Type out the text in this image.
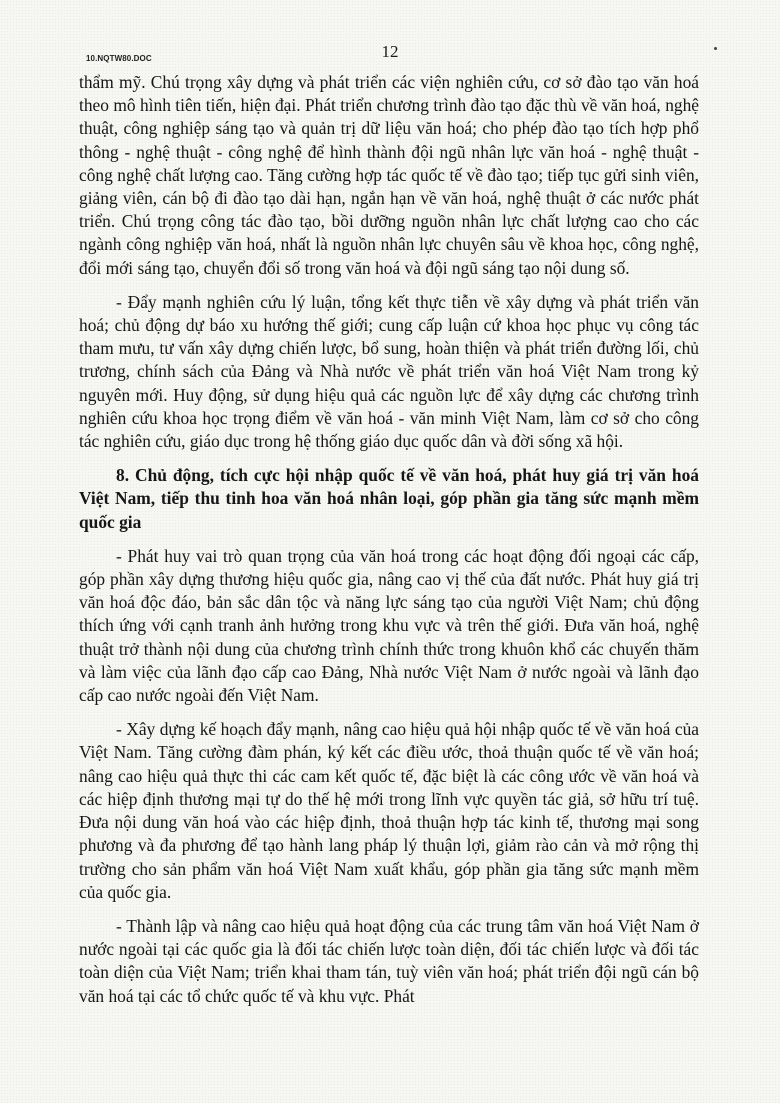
10.NQTW80.DOC	12

thẩm mỹ. Chú trọng xây dựng và phát triển các viện nghiên cứu, cơ sở đào tạo văn hoá theo mô hình tiên tiến, hiện đại. Phát triển chương trình đào tạo đặc thù về văn hoá, nghệ thuật, công nghiệp sáng tạo và quản trị dữ liệu văn hoá; cho phép đào tạo tích hợp phổ thông - nghệ thuật - công nghệ để hình thành đội ngũ nhân lực văn hoá - nghệ thuật - công nghệ chất lượng cao. Tăng cường hợp tác quốc tế về đào tạo; tiếp tục gửi sinh viên, giảng viên, cán bộ đi đào tạo dài hạn, ngắn hạn về văn hoá, nghệ thuật ở các nước phát triển. Chú trọng công tác đào tạo, bồi dưỡng nguồn nhân lực chất lượng cao cho các ngành công nghiệp văn hoá, nhất là nguồn nhân lực chuyên sâu về khoa học, công nghệ, đổi mới sáng tạo, chuyển đổi số trong văn hoá và đội ngũ sáng tạo nội dung số.

- Đẩy mạnh nghiên cứu lý luận, tổng kết thực tiễn về xây dựng và phát triển văn hoá; chủ động dự báo xu hướng thế giới; cung cấp luận cứ khoa học phục vụ công tác tham mưu, tư vấn xây dựng chiến lược, bổ sung, hoàn thiện và phát triển đường lối, chủ trương, chính sách của Đảng và Nhà nước về phát triển văn hoá Việt Nam trong kỷ nguyên mới. Huy động, sử dụng hiệu quả các nguồn lực để xây dựng các chương trình nghiên cứu khoa học trọng điểm về văn hoá - văn minh Việt Nam, làm cơ sở cho công tác nghiên cứu, giáo dục trong hệ thống giáo dục quốc dân và đời sống xã hội.

8. Chủ động, tích cực hội nhập quốc tế về văn hoá, phát huy giá trị văn hoá Việt Nam, tiếp thu tinh hoa văn hoá nhân loại, góp phần gia tăng sức mạnh mềm quốc gia

- Phát huy vai trò quan trọng của văn hoá trong các hoạt động đối ngoại các cấp, góp phần xây dựng thương hiệu quốc gia, nâng cao vị thế của đất nước. Phát huy giá trị văn hoá độc đáo, bản sắc dân tộc và năng lực sáng tạo của người Việt Nam; chủ động thích ứng với cạnh tranh ảnh hưởng trong khu vực và trên thế giới. Đưa văn hoá, nghệ thuật trở thành nội dung của chương trình chính thức trong khuôn khổ các chuyến thăm và làm việc của lãnh đạo cấp cao Đảng, Nhà nước Việt Nam ở nước ngoài và lãnh đạo cấp cao nước ngoài đến Việt Nam.

- Xây dựng kế hoạch đẩy mạnh, nâng cao hiệu quả hội nhập quốc tế về văn hoá của Việt Nam. Tăng cường đàm phán, ký kết các điều ước, thoả thuận quốc tế về văn hoá; nâng cao hiệu quả thực thi các cam kết quốc tế, đặc biệt là các công ước về văn hoá và các hiệp định thương mại tự do thế hệ mới trong lĩnh vực quyền tác giả, sở hữu trí tuệ. Đưa nội dung văn hoá vào các hiệp định, thoả thuận hợp tác kinh tế, thương mại song phương và đa phương để tạo hành lang pháp lý thuận lợi, giảm rào cản và mở rộng thị trường cho sản phẩm văn hoá Việt Nam xuất khẩu, góp phần gia tăng sức mạnh mềm của quốc gia.

- Thành lập và nâng cao hiệu quả hoạt động của các trung tâm văn hoá Việt Nam ở nước ngoài tại các quốc gia là đối tác chiến lược toàn diện, đối tác chiến lược và đối tác toàn diện của Việt Nam; triển khai tham tán, tuỳ viên văn hoá; phát triển đội ngũ cán bộ văn hoá tại các tổ chức quốc tế và khu vực. Phát
